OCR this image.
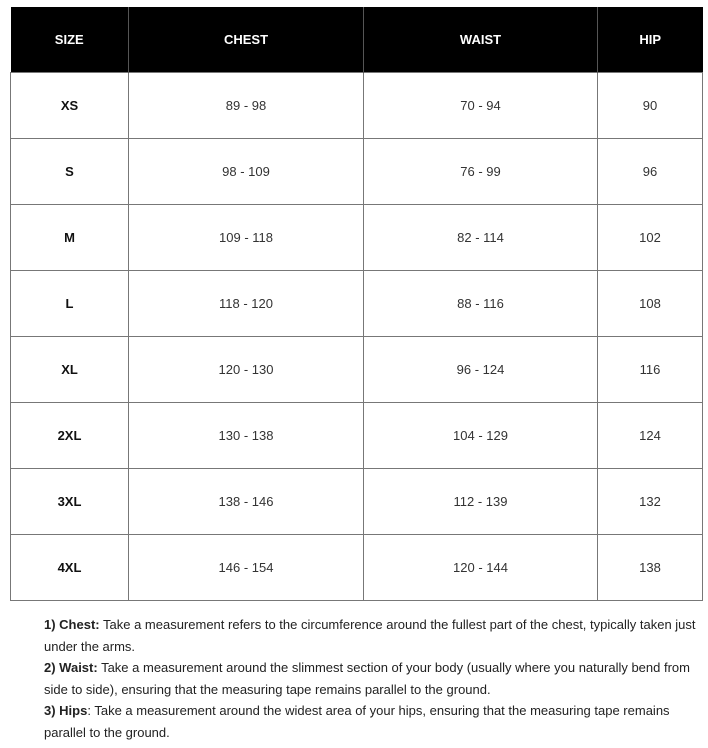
SIZE	CHEST	WAIST	HIP
XS	89 - 98	70 - 94	90
S	98 - 109	76 - 99	96
M	109 - 118	82 - 114	102
L	118 - 120	88 - 116	108
XL	120 - 130	96 - 124	116
2XL	130 - 138	104 - 129	124
3XL	138 - 146	112 - 139	132
4XL	146 - 154	120 - 144	138

1) Chest: Take a measurement refers to the circumference around the fullest part of the chest, typically taken just under the arms.

2) Waist: Take a measurement around the slimmest section of your body (usually where you naturally bend from side to side), ensuring that the measuring tape remains parallel to the ground.

3) Hips: Take a measurement around the widest area of your hips, ensuring that the measuring tape remains parallel to the ground.
